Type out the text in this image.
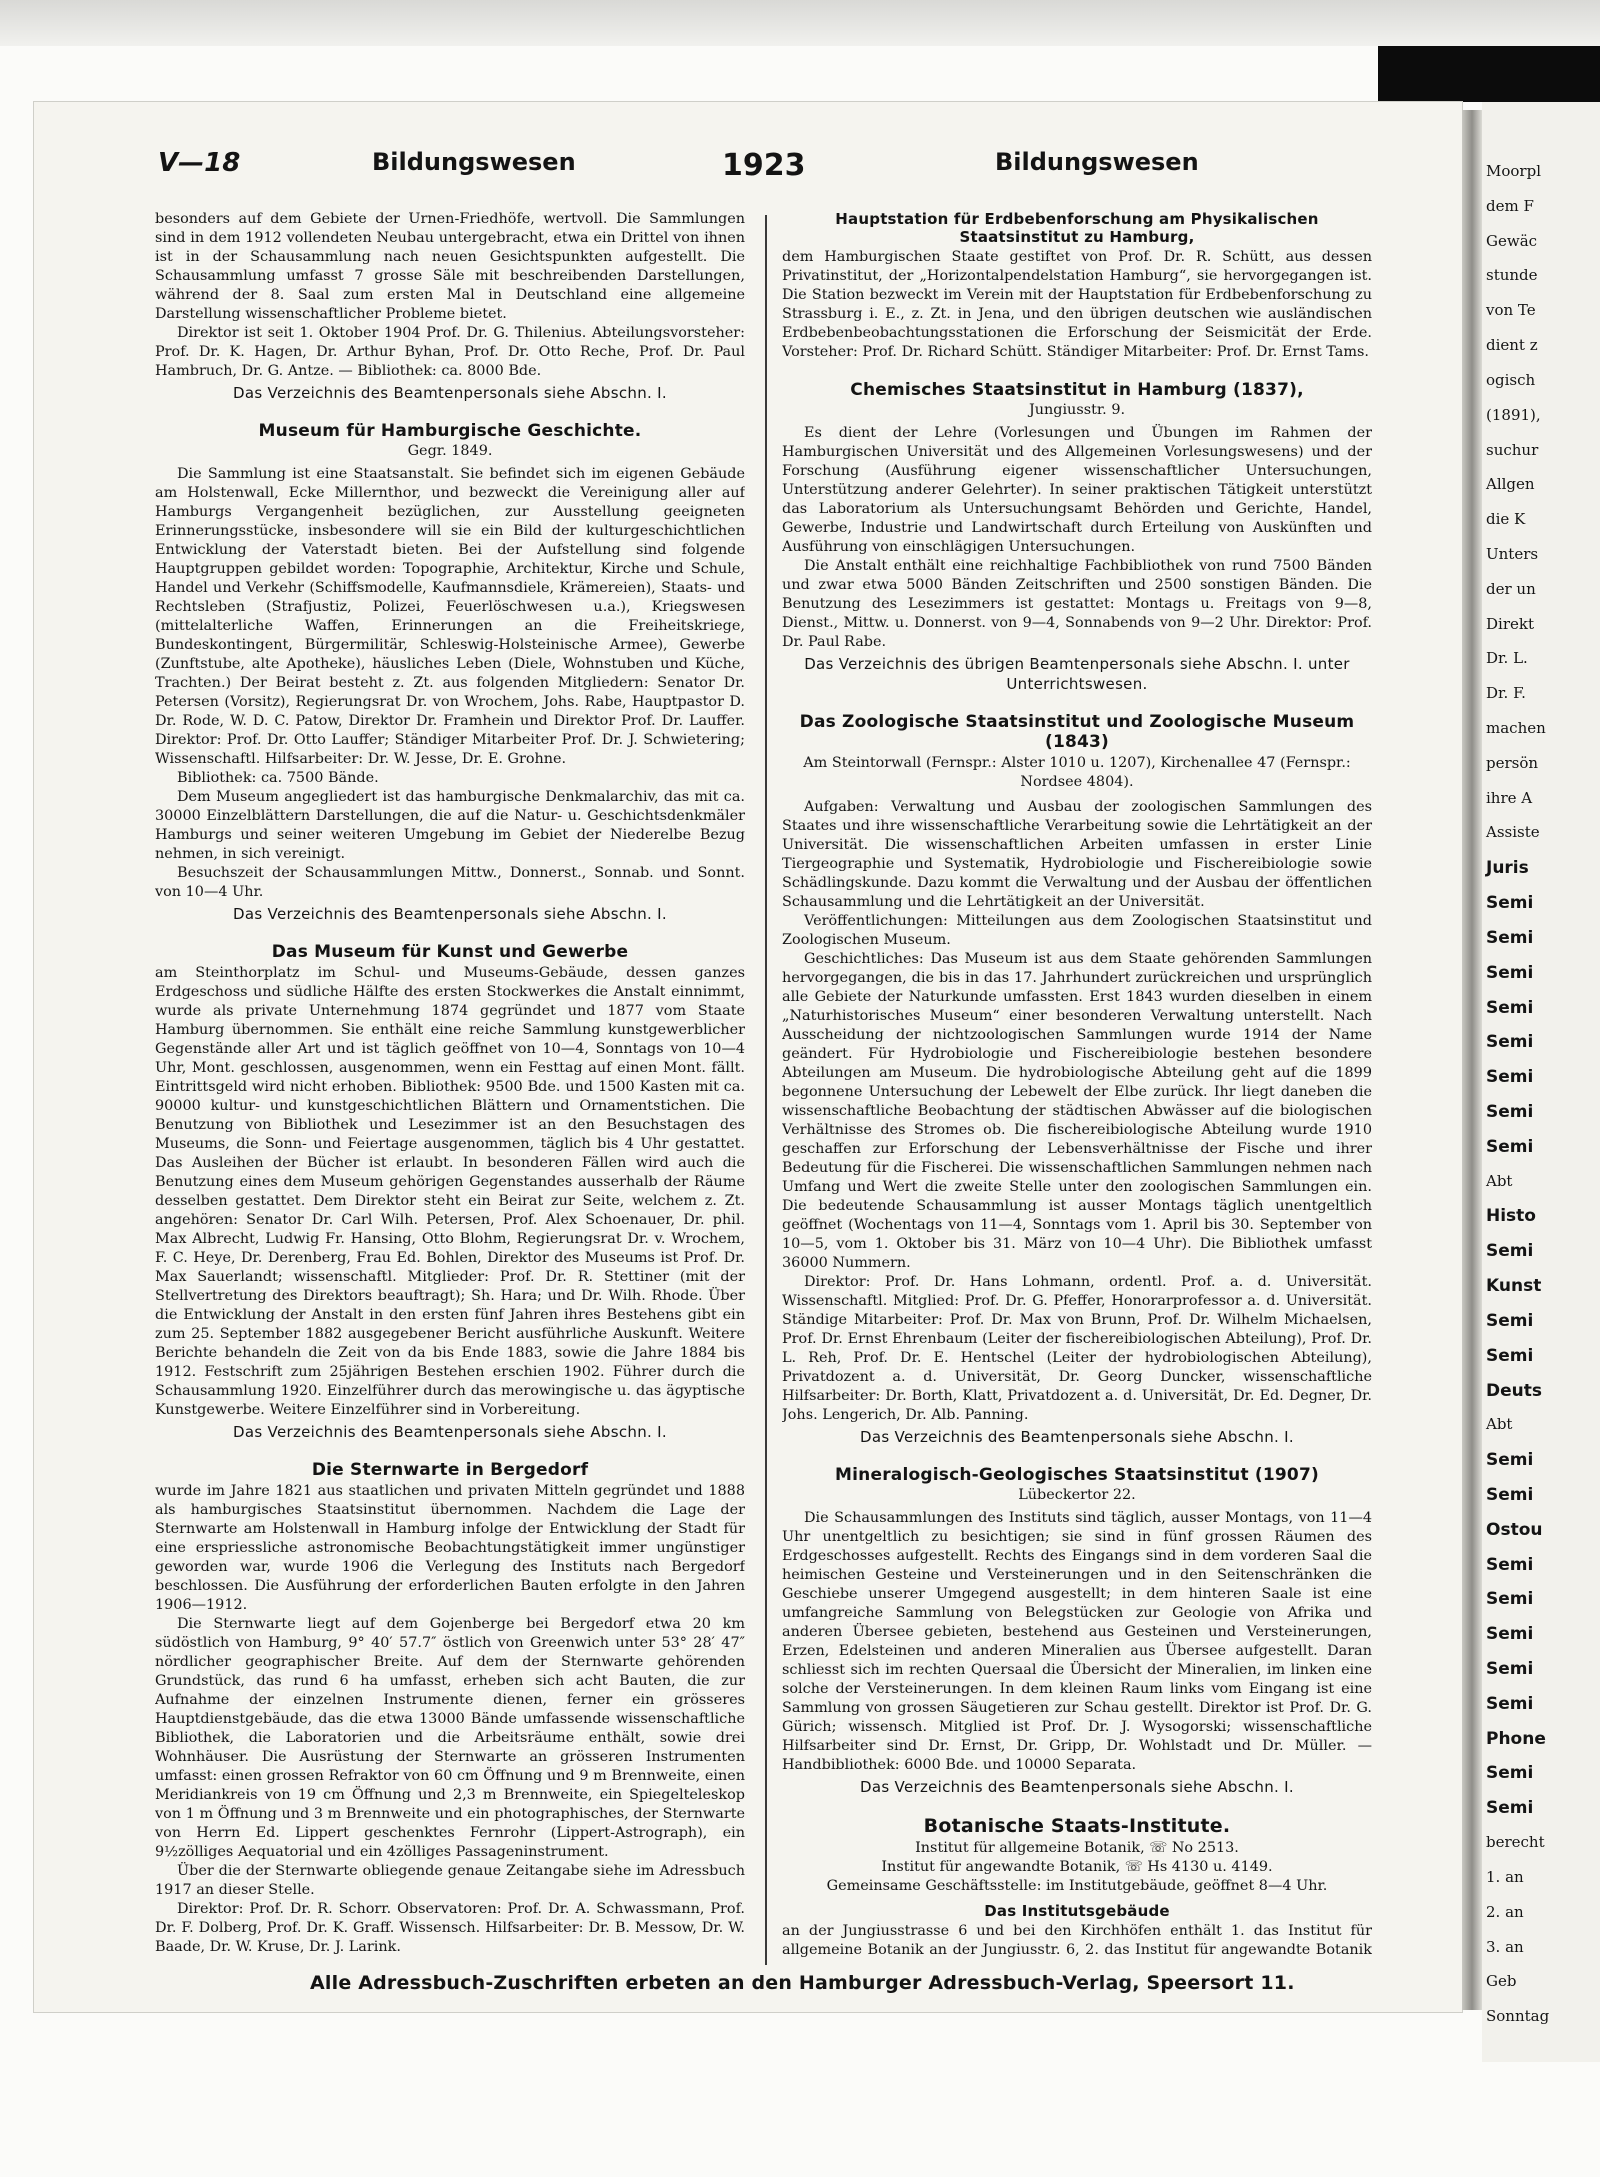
Moorpl
dem F
Gewäc
stunde
von Te
dient z
ogisch
(1891),
suchur
Allgen
die K
Unters
der un
Direkt
Dr. L.
Dr. F.
machen
persön
ihre A
Assiste
Juris
Semi
Semi
Semi
Semi
Semi
Semi
Semi
Semi
Abt
Histo
Semi
Kunst
Semi
Semi
Deuts
Abt
Semi
Semi
Ostou
Semi
Semi
Semi
Semi
Semi
Phone
Semi
Semi
berecht
1. an
2. an
3. an
Geb
Sonntag
V—18	Bildungswesen	1923	Bildungswesen

besonders auf dem Gebiete der Urnen-Friedhöfe, wertvoll. Die Sammlungen sind in dem 1912 vollendeten Neubau untergebracht, etwa ein Drittel von ihnen ist in der Schausammlung nach neuen Gesichtspunkten aufgestellt. Die Schausammlung umfasst 7 grosse Säle mit beschreibenden Darstellungen, während der 8. Saal zum ersten Mal in Deutschland eine allgemeine Darstellung wissenschaftlicher Probleme bietet.

Direktor ist seit 1. Oktober 1904 Prof. Dr. G. Thilenius. Abteilungsvorsteher: Prof. Dr. K. Hagen, Dr. Arthur Byhan, Prof. Dr. Otto Reche, Prof. Dr. Paul Hambruch, Dr. G. Antze. — Bibliothek: ca. 8000 Bde.

Das Verzeichnis des Beamtenpersonals siehe Abschn. I.
Museum für Hamburgische Geschichte.
Gegr. 1849.

Die Sammlung ist eine Staatsanstalt. Sie befindet sich im eigenen Gebäude am Holstenwall, Ecke Millernthor, und bezweckt die Vereinigung aller auf Hamburgs Vergangenheit bezüglichen, zur Ausstellung geeigneten Erinnerungsstücke, insbesondere will sie ein Bild der kulturgeschichtlichen Entwicklung der Vaterstadt bieten. Bei der Aufstellung sind folgende Hauptgruppen gebildet worden: Topographie, Architektur, Kirche und Schule, Handel und Verkehr (Schiffsmodelle, Kaufmannsdiele, Krämereien), Staats- und Rechtsleben (Strafjustiz, Polizei, Feuerlöschwesen u.a.), Kriegswesen (mittelalterliche Waffen, Erinnerungen an die Freiheitskriege, Bundeskontingent, Bürgermilitär, Schleswig-Holsteinische Armee), Gewerbe (Zunftstube, alte Apotheke), häusliches Leben (Diele, Wohnstuben und Küche, Trachten.) Der Beirat besteht z. Zt. aus folgenden Mitgliedern: Senator Dr. Petersen (Vorsitz), Regierungsrat Dr. von Wrochem, Johs. Rabe, Hauptpastor D. Dr. Rode, W. D. C. Patow, Direktor Dr. Framhein und Direktor Prof. Dr. Lauffer. Direktor: Prof. Dr. Otto Lauffer; Ständiger Mitarbeiter Prof. Dr. J. Schwietering; Wissenschaftl. Hilfsarbeiter: Dr. W. Jesse, Dr. E. Grohne.

Bibliothek: ca. 7500 Bände.

Dem Museum angegliedert ist das hamburgische Denkmalarchiv, das mit ca. 30000 Einzelblättern Darstellungen, die auf die Natur- u. Geschichtsdenkmäler Hamburgs und seiner weiteren Umgebung im Gebiet der Niederelbe Bezug nehmen, in sich vereinigt.

Besuchszeit der Schausammlungen Mittw., Donnerst., Sonnab. und Sonnt. von 10—4 Uhr.

Das Verzeichnis des Beamtenpersonals siehe Abschn. I.
Das Museum für Kunst und Gewerbe

am Steinthorplatz im Schul- und Museums-Gebäude, dessen ganzes Erdgeschoss und südliche Hälfte des ersten Stockwerkes die Anstalt einnimmt, wurde als private Unternehmung 1874 gegründet und 1877 vom Staate Hamburg übernommen. Sie enthält eine reiche Sammlung kunstgewerblicher Gegenstände aller Art und ist täglich geöffnet von 10—4, Sonntags von 10—4 Uhr, Mont. geschlossen, ausgenommen, wenn ein Festtag auf einen Mont. fällt. Eintrittsgeld wird nicht erhoben. Bibliothek: 9500 Bde. und 1500 Kasten mit ca. 90000 kultur- und kunstgeschichtlichen Blättern und Ornamentstichen. Die Benutzung von Bibliothek und Lesezimmer ist an den Besuchstagen des Museums, die Sonn- und Feiertage ausgenommen, täglich bis 4 Uhr gestattet. Das Ausleihen der Bücher ist erlaubt. In besonderen Fällen wird auch die Benutzung eines dem Museum gehörigen Gegenstandes ausserhalb der Räume desselben gestattet. Dem Direktor steht ein Beirat zur Seite, welchem z. Zt. angehören: Senator Dr. Carl Wilh. Petersen, Prof. Alex Schoenauer, Dr. phil. Max Albrecht, Ludwig Fr. Hansing, Otto Blohm, Regierungsrat Dr. v. Wrochem, F. C. Heye, Dr. Derenberg, Frau Ed. Bohlen, Direktor des Museums ist Prof. Dr. Max Sauerlandt; wissenschaftl. Mitglieder: Prof. Dr. R. Stettiner (mit der Stellvertretung des Direktors beauftragt); Sh. Hara; und Dr. Wilh. Rhode. Über die Entwicklung der Anstalt in den ersten fünf Jahren ihres Bestehens gibt ein zum 25. September 1882 ausgegebener Bericht ausführliche Auskunft. Weitere Berichte behandeln die Zeit von da bis Ende 1883, sowie die Jahre 1884 bis 1912. Festschrift zum 25jährigen Bestehen erschien 1902. Führer durch die Schausammlung 1920. Einzelführer durch das merowingische u. das ägyptische Kunstgewerbe. Weitere Einzelführer sind in Vorbereitung.

Das Verzeichnis des Beamtenpersonals siehe Abschn. I.
Die Sternwarte in Bergedorf

wurde im Jahre 1821 aus staatlichen und privaten Mitteln gegründet und 1888 als hamburgisches Staatsinstitut übernommen. Nachdem die Lage der Sternwarte am Holstenwall in Hamburg infolge der Entwicklung der Stadt für eine erspriessliche astronomische Beobachtungstätigkeit immer ungünstiger geworden war, wurde 1906 die Verlegung des Instituts nach Bergedorf beschlossen. Die Ausführung der erforderlichen Bauten erfolgte in den Jahren 1906—1912.

Die Sternwarte liegt auf dem Gojenberge bei Bergedorf etwa 20 km südöstlich von Hamburg, 9° 40′ 57.7″ östlich von Greenwich unter 53° 28′ 47″ nördlicher geographischer Breite. Auf dem der Sternwarte gehörenden Grundstück, das rund 6 ha umfasst, erheben sich acht Bauten, die zur Aufnahme der einzelnen Instrumente dienen, ferner ein grösseres Hauptdienstgebäude, das die etwa 13000 Bände umfassende wissenschaftliche Bibliothek, die Laboratorien und die Arbeitsräume enthält, sowie drei Wohnhäuser. Die Ausrüstung der Sternwarte an grösseren Instrumenten umfasst: einen grossen Refraktor von 60 cm Öffnung und 9 m Brennweite, einen Meridiankreis von 19 cm Öffnung und 2,3 m Brennweite, ein Spiegelteleskop von 1 m Öffnung und 3 m Brennweite und ein photographisches, der Sternwarte von Herrn Ed. Lippert geschenktes Fernrohr (Lippert-Astrograph), ein 9½zölliges Aequatorial und ein 4zölliges Passageninstrument.

Über die der Sternwarte obliegende genaue Zeitangabe siehe im Adressbuch 1917 an dieser Stelle.

Direktor: Prof. Dr. R. Schorr. Observatoren: Prof. Dr. A. Schwassmann, Prof. Dr. F. Dolberg, Prof. Dr. K. Graff. Wissensch. Hilfsarbeiter: Dr. B. Messow, Dr. W. Baade, Dr. W. Kruse, Dr. J. Larink.

Hauptstation für Erdbebenforschung am Physikalischen Staatsinstitut zu Hamburg,

dem Hamburgischen Staate gestiftet von Prof. Dr. R. Schütt, aus dessen Privatinstitut, der „Horizontalpendelstation Hamburg“, sie hervorgegangen ist. Die Station bezweckt im Verein mit der Hauptstation für Erdbebenforschung zu Strassburg i. E., z. Zt. in Jena, und den übrigen deutschen wie ausländischen Erdbebenbeobachtungsstationen die Erforschung der Seismicität der Erde. Vorsteher: Prof. Dr. Richard Schütt. Ständiger Mitarbeiter: Prof. Dr. Ernst Tams.

Chemisches Staatsinstitut in Hamburg (1837),
Jungiusstr. 9.

Es dient der Lehre (Vorlesungen und Übungen im Rahmen der Hamburgischen Universität und des Allgemeinen Vorlesungswesens) und der Forschung (Ausführung eigener wissenschaftlicher Untersuchungen, Unterstützung anderer Gelehrter). In seiner praktischen Tätigkeit unterstützt das Laboratorium als Untersuchungsamt Behörden und Gerichte, Handel, Gewerbe, Industrie und Landwirtschaft durch Erteilung von Auskünften und Ausführung von einschlägigen Untersuchungen.

Die Anstalt enthält eine reichhaltige Fachbibliothek von rund 7500 Bänden und zwar etwa 5000 Bänden Zeitschriften und 2500 sonstigen Bänden. Die Benutzung des Lesezimmers ist gestattet: Montags u. Freitags von 9—8, Dienst., Mittw. u. Donnerst. von 9—4, Sonnabends von 9—2 Uhr. Direktor: Prof. Dr. Paul Rabe.

Das Verzeichnis des übrigen Beamtenpersonals siehe Abschn. I. unter Unterrichtswesen.
Das Zoologische Staatsinstitut und Zoologische Museum (1843)
Am Steintorwall (Fernspr.: Alster 1010 u. 1207), Kirchenallee 47 (Fernspr.: Nordsee 4804).

Aufgaben: Verwaltung und Ausbau der zoologischen Sammlungen des Staates und ihre wissenschaftliche Verarbeitung sowie die Lehrtätigkeit an der Universität. Die wissenschaftlichen Arbeiten umfassen in erster Linie Tiergeographie und Systematik, Hydrobiologie und Fischereibiologie sowie Schädlingskunde. Dazu kommt die Verwaltung und der Ausbau der öffentlichen Schausammlung und die Lehrtätigkeit an der Universität.

Veröffentlichungen: Mitteilungen aus dem Zoologischen Staatsinstitut und Zoologischen Museum.

Geschichtliches: Das Museum ist aus dem Staate gehörenden Sammlungen hervorgegangen, die bis in das 17. Jahrhundert zurückreichen und ursprünglich alle Gebiete der Naturkunde umfassten. Erst 1843 wurden dieselben in einem „Naturhistorisches Museum“ einer besonderen Verwaltung unterstellt. Nach Ausscheidung der nichtzoologischen Sammlungen wurde 1914 der Name geändert. Für Hydrobiologie und Fischereibiologie bestehen besondere Abteilungen am Museum. Die hydrobiologische Abteilung geht auf die 1899 begonnene Untersuchung der Lebewelt der Elbe zurück. Ihr liegt daneben die wissenschaftliche Beobachtung der städtischen Abwässer auf die biologischen Verhältnisse des Stromes ob. Die fischereibiologische Abteilung wurde 1910 geschaffen zur Erforschung der Lebensverhältnisse der Fische und ihrer Bedeutung für die Fischerei. Die wissenschaftlichen Sammlungen nehmen nach Umfang und Wert die zweite Stelle unter den zoologischen Sammlungen ein. Die bedeutende Schausammlung ist ausser Montags täglich unentgeltlich geöffnet (Wochentags von 11—4, Sonntags vom 1. April bis 30. September von 10—5, vom 1. Oktober bis 31. März von 10—4 Uhr). Die Bibliothek umfasst 36000 Nummern.

Direktor: Prof. Dr. Hans Lohmann, ordentl. Prof. a. d. Universität. Wissenschaftl. Mitglied: Prof. Dr. G. Pfeffer, Honorarprofessor a. d. Universität. Ständige Mitarbeiter: Prof. Dr. Max von Brunn, Prof. Dr. Wilhelm Michaelsen, Prof. Dr. Ernst Ehrenbaum (Leiter der fischereibiologischen Abteilung), Prof. Dr. L. Reh, Prof. Dr. E. Hentschel (Leiter der hydrobiologischen Abteilung), Privatdozent a. d. Universität, Dr. Georg Duncker, wissenschaftliche Hilfsarbeiter: Dr. Borth, Klatt, Privatdozent a. d. Universität, Dr. Ed. Degner, Dr. Johs. Lengerich, Dr. Alb. Panning.

Das Verzeichnis des Beamtenpersonals siehe Abschn. I.
Mineralogisch-Geologisches Staatsinstitut (1907)
Lübeckertor 22.

Die Schausammlungen des Instituts sind täglich, ausser Montags, von 11—4 Uhr unentgeltlich zu besichtigen; sie sind in fünf grossen Räumen des Erdgeschosses aufgestellt. Rechts des Eingangs sind in dem vorderen Saal die heimischen Gesteine und Versteinerungen und in den Seitenschränken die Geschiebe unserer Umgegend ausgestellt; in dem hinteren Saale ist eine umfangreiche Sammlung von Belegstücken zur Geologie von Afrika und anderen Übersee gebieten, bestehend aus Gesteinen und Versteinerungen, Erzen, Edelsteinen und anderen Mineralien aus Übersee aufgestellt. Daran schliesst sich im rechten Quersaal die Übersicht der Mineralien, im linken eine solche der Versteinerungen. In dem kleinen Raum links vom Eingang ist eine Sammlung von grossen Säugetieren zur Schau gestellt. Direktor ist Prof. Dr. G. Gürich; wissensch. Mitglied ist Prof. Dr. J. Wysogorski; wissenschaftliche Hilfsarbeiter sind Dr. Ernst, Dr. Gripp, Dr. Wohlstadt und Dr. Müller. — Handbibliothek: 6000 Bde. und 10000 Separata.

Das Verzeichnis des Beamtenpersonals siehe Abschn. I.
Botanische Staats-Institute.
Institut für allgemeine Botanik, ☏ No 2513.
Institut für angewandte Botanik, ☏ Hs 4130 u. 4149.
Gemeinsame Geschäftsstelle: im Institutgebäude, geöffnet 8—4 Uhr.
Das Institutsgebäude

an der Jungiusstrasse 6 und bei den Kirchhöfen enthält 1. das Institut für allgemeine Botanik an der Jungiusstr. 6, 2. das Institut für angewandte Botanik

Alle Adressbuch-Zuschriften erbeten an den Hamburger Adressbuch-Verlag, Speersort 11.
